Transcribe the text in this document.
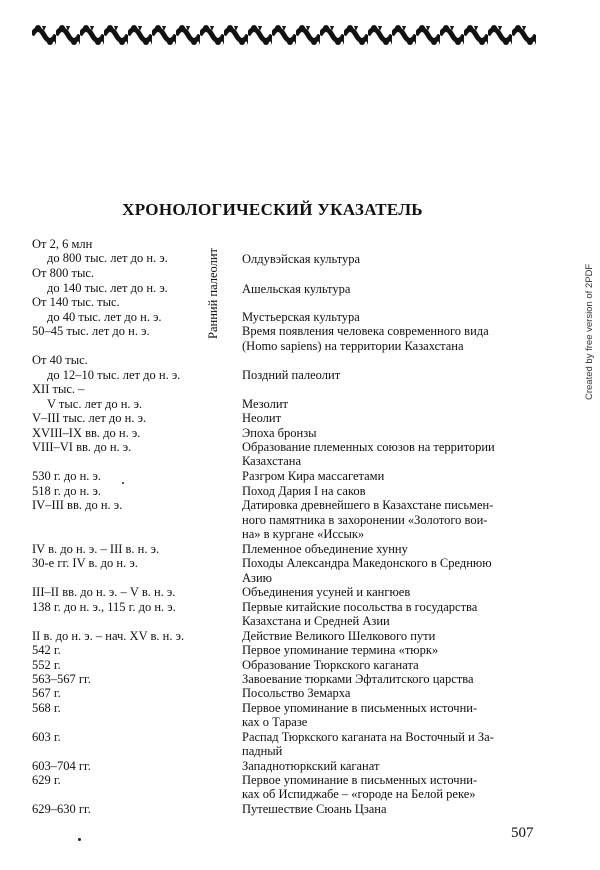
Created by free version of 2PDF
ХРОНОЛОГИЧЕСКИЙ УКАЗАТЕЛЬ
Ранний палеолит
От 2, 6 млн
до 800 тыс. лет до н. э.	Олдувэйская культура
От 800 тыс.
до 140 тыс. лет до н. э.	Ашельская культура
От 140 тыс. тыс.
до 40 тыс. лет до н. э.	Мустьерская культура
50–45 тыс. лет до н. э.	Время появления человека современного вида
(Homo sapiens) на территории Казахстана
От 40 тыс.
до 12–10 тыс. лет до н. э.	Поздний палеолит
XII тыс. –
V тыс. лет до н. э.	Мезолит
V–III тыс. лет до н. э.	Неолит
XVIII–IX вв. до н. э.	Эпоха бронзы
VIII–VI вв. до н. э.	Образование племенных союзов на территории
Казахстана
530 г. до н. э.	Разгром Кира массагетами
518 г. до н. э.	Поход Дария I на саков
IV–III вв. до н. э.	Датировка древнейшего в Казахстане письмен-
ного памятника в захоронении «Золотого вои-
на» в кургане «Иссык»
IV в. до н. э. – III в. н. э.	Племенное объединение хунну
30-е гг. IV в. до н. э.	Походы Александра Македонского в Среднюю
Азию
III–II вв. до н. э. – V в. н. э.	Объединения усуней и кангюев
138 г. до н. э., 115 г. до н. э.	Первые китайские посольства в государства
Казахстана и Средней Азии
II в. до н. э. – нач. XV в. н. э.	Действие Великого Шелкового пути
542 г.	Первое упоминание термина «тюрк»
552 г.	Образование Тюркского каганата
563–567 гг.	Завоевание тюрками Эфталитского царства
567 г.	Посольство Земарха
568 г.	Первое упоминание в письменных источни-
ках о Таразе
603 г.	Распад Тюркского каганата на Восточный и За-
падный
603–704 гг.	Западнотюркский каганат
629 г.	Первое упоминание в письменных источни-
ках об Испиджабе – «городе на Белой реке»
629–630 гг.	Путешествие Сюань Цзана
507
